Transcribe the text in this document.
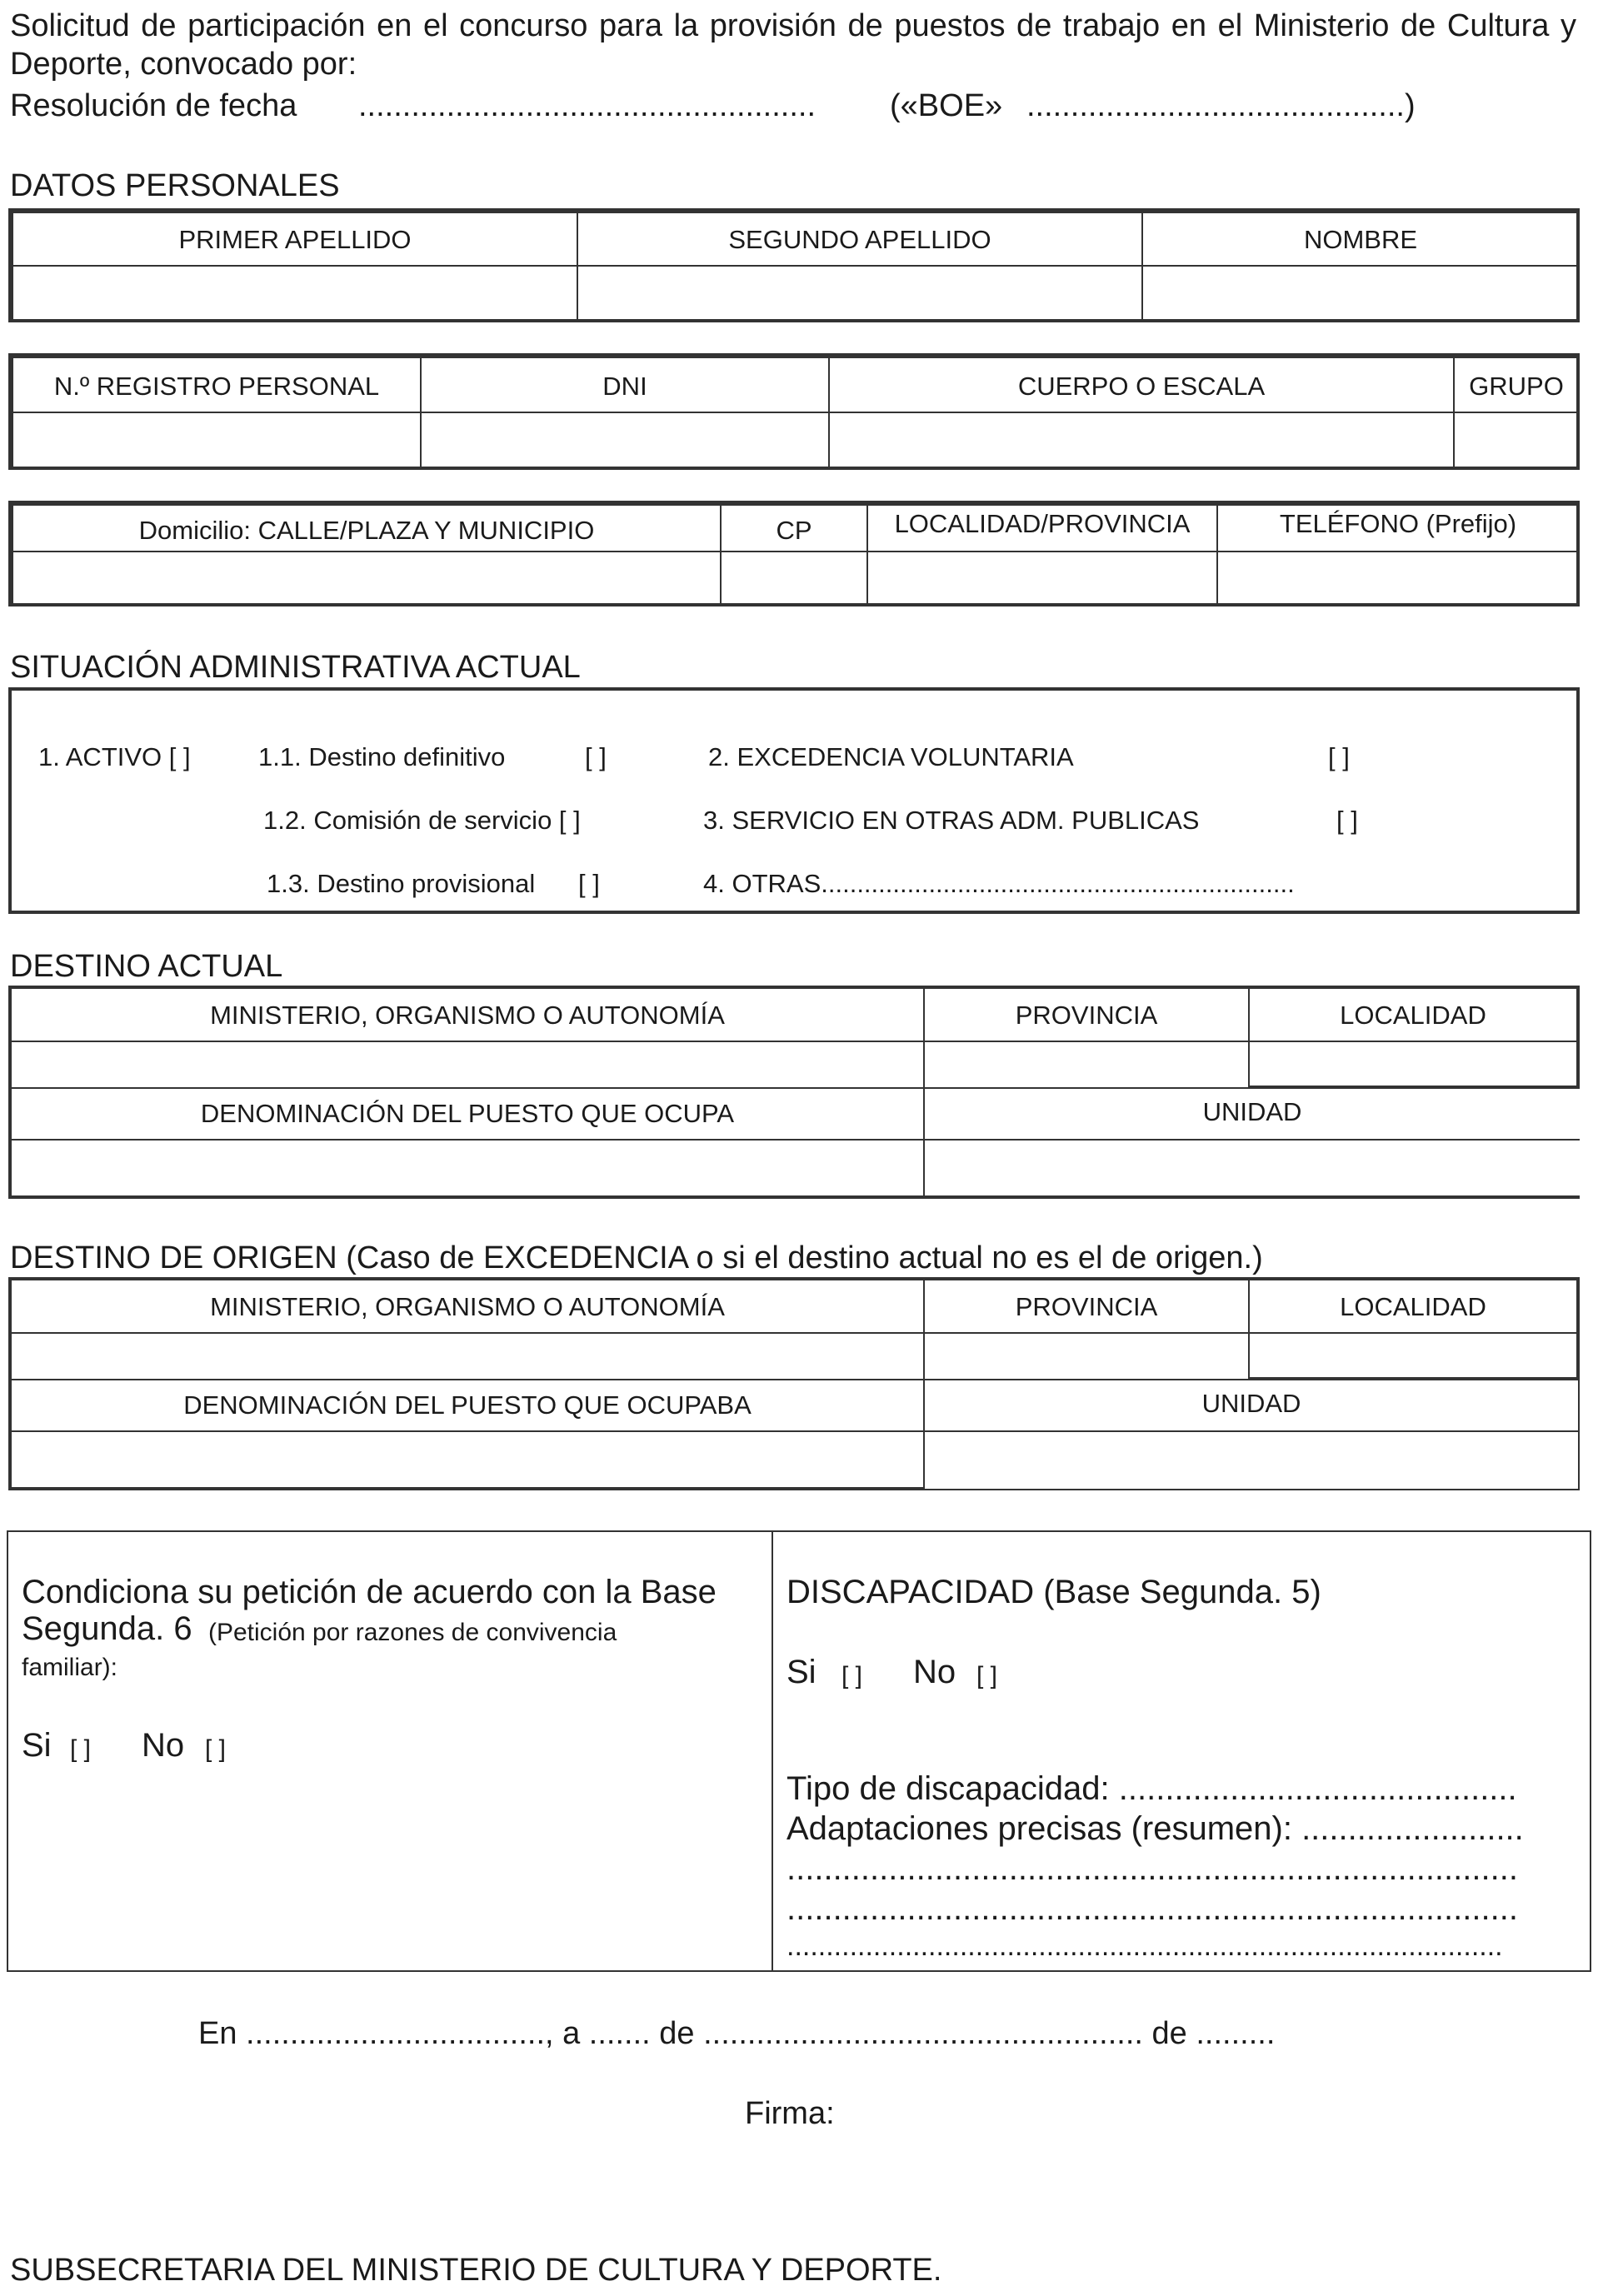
Solicitud de participación en el concurso para la provisión de puestos de trabajo en el Ministerio de Cultura y Deporte, convocado por:
Resolución de fecha .................................................... («BOE» ...........................................)
DATOS PERSONALES
PRIMER APELLIDO	SEGUNDO APELLIDO	NOMBRE
N.º REGISTRO PERSONAL	DNI	CUERPO O ESCALA	GRUPO
Domicilio: CALLE/PLAZA Y MUNICIPIO	CP	LOCALIDAD/PROVINCIA	TELÉFONO (Prefijo)
SITUACIÓN ADMINISTRATIVA ACTUAL
1. ACTIVO [ ]	1.1. Destino definitivo	[ ]	2. EXCEDENCIA VOLUNTARIA	[ ]
1.2. Comisión de servicio [ ]	3. SERVICIO EN OTRAS ADM. PUBLICAS	[ ]
1.3. Destino provisional [ ]	4. OTRAS..................................................................
DESTINO ACTUAL
MINISTERIO, ORGANISMO O AUTONOMÍA	PROVINCIA	LOCALIDAD
DENOMINACIÓN DEL PUESTO QUE OCUPA	UNIDAD
DESTINO DE ORIGEN (Caso de EXCEDENCIA o si el destino actual no es el de origen.)
MINISTERIO, ORGANISMO O AUTONOMÍA	PROVINCIA	LOCALIDAD
DENOMINACIÓN DEL PUESTO QUE OCUPABA	UNIDAD
Condiciona su petición de acuerdo con la Base
Segunda. 6 (Petición por razones de convivencia
familiar):
Si [ ] No [ ]
DISCAPACIDAD (Base Segunda. 5)
Si [ ] No [ ]
Tipo de discapacidad: ...........................................
Adaptaciones precisas (resumen): ........................
...............................................................................
...............................................................................
...........................................................................................
En .................................., a ....... de .................................................. de .........
Firma:
SUBSECRETARIA DEL MINISTERIO DE CULTURA Y DEPORTE.
